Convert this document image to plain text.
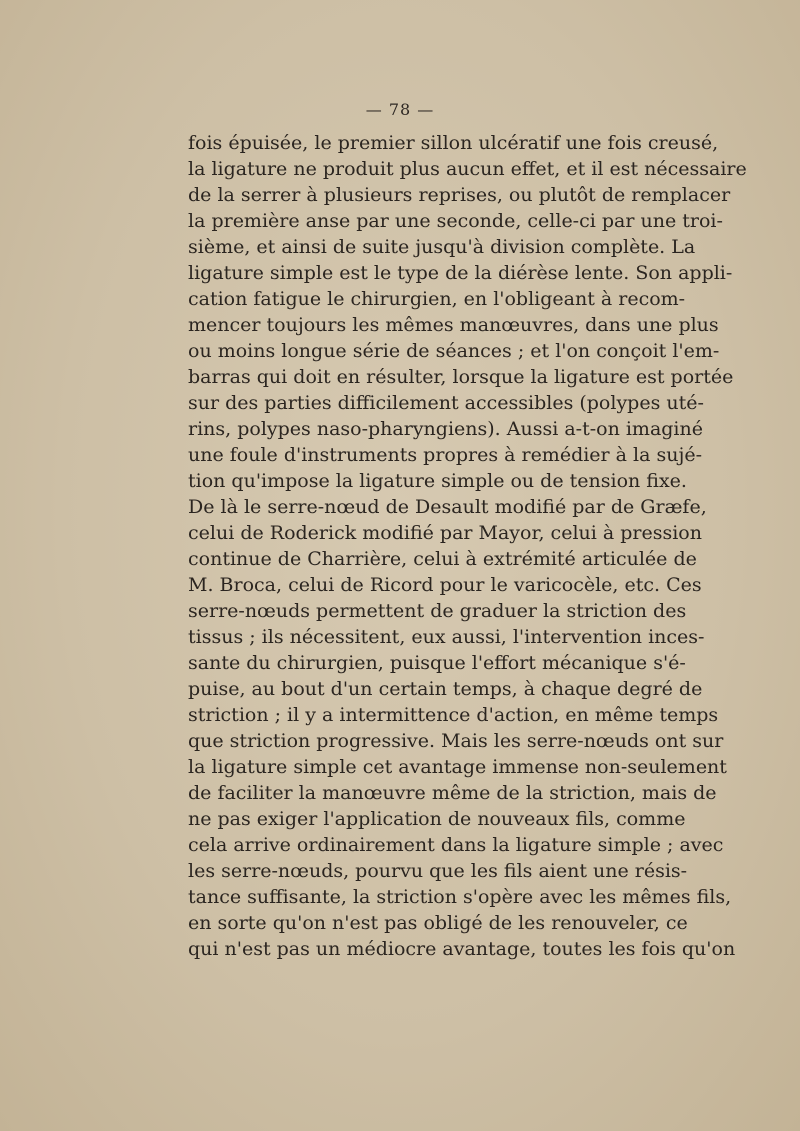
— 78 —
fois épuisée, le premier sillon ulcératif une fois creusé,
la ligature ne produit plus aucun effet, et il est nécessaire
de la serrer à plusieurs reprises, ou plutôt de remplacer
la première anse par une seconde, celle-ci par une troi-
sième, et ainsi de suite jusqu'à division complète. La
ligature simple est le type de la diérèse lente. Son appli-
cation fatigue le chirurgien, en l'obligeant à recom-
mencer toujours les mêmes manœuvres, dans une plus
ou moins longue série de séances ; et l'on conçoit l'em-
barras qui doit en résulter, lorsque la ligature est portée
sur des parties difficilement accessibles (polypes uté-
rins, polypes naso-pharyngiens). Aussi a-t-on imaginé
une foule d'instruments propres à remédier à la sujé-
tion qu'impose la ligature simple ou de tension fixe.
De là le serre-nœud de Desault modifié par de Græfe,
celui de Roderick modifié par Mayor, celui à pression
continue de Charrière, celui à extrémité articulée de
M. Broca, celui de Ricord pour le varicocèle, etc. Ces
serre-nœuds permettent de graduer la striction des
tissus ; ils nécessitent, eux aussi, l'intervention inces-
sante du chirurgien, puisque l'effort mécanique s'é-
puise, au bout d'un certain temps, à chaque degré de
striction ; il y a intermittence d'action, en même temps
que striction progressive. Mais les serre-nœuds ont sur
la ligature simple cet avantage immense non-seulement
de faciliter la manœuvre même de la striction, mais de
ne pas exiger l'application de nouveaux fils, comme
cela arrive ordinairement dans la ligature simple ; avec
les serre-nœuds, pourvu que les fils aient une résis-
tance suffisante, la striction s'opère avec les mêmes fils,
en sorte qu'on n'est pas obligé de les renouveler, ce
qui n'est pas un médiocre avantage, toutes les fois qu'on
